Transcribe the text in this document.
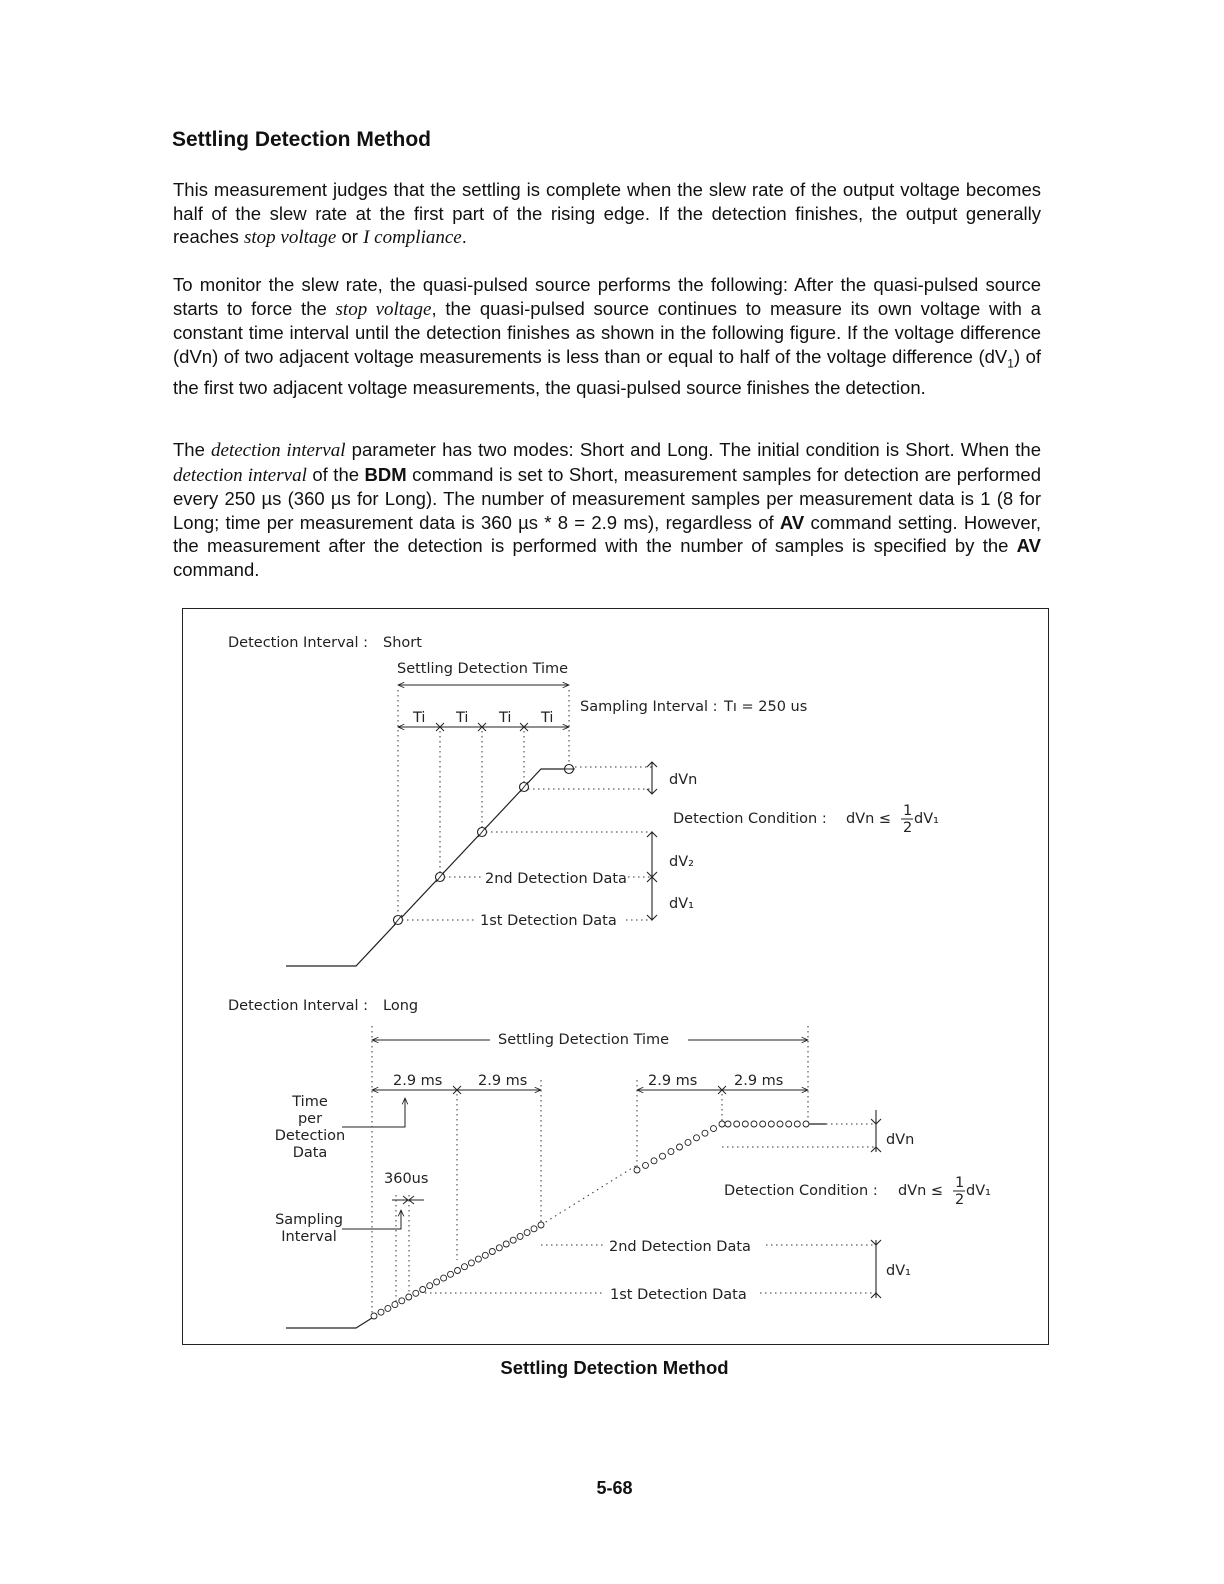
Settling Detection Method

This measurement judges that the settling is complete when the slew rate of the output voltage becomes half of the slew rate at the first part of the rising edge. If the detection finishes, the output generally reaches stop voltage or I compliance.

To monitor the slew rate, the quasi-pulsed source performs the following: After the quasi-pulsed source starts to force the stop voltage, the quasi-pulsed source continues to measure its own voltage with a constant time interval until the detection finishes as shown in the following figure. If the voltage difference (dVn) of two adjacent voltage measurements is less than or equal to half of the voltage difference $(dV_1)$ of the first two adjacent voltage measurements, the quasi-pulsed source finishes the detection.

The detection interval parameter has two modes: Short and Long. The initial condition is Short. When the detection interval of the BDM command is set to Short, measurement samples for detection are performed every 250 µs (360 µs for Long). The number of measurement samples per measurement data is 1 (8 for Long; time per measurement data is 360 µs * 8 = 2.9 ms), regardless of AV command setting. However, the measurement after the detection is performed with the number of samples is specified by the AV command.

Detection Interval : Short
Settling Detection Time
Ti Ti Ti Ti
Sampling Interval : Tı = 250 us
dVn
Detection Condition : dVn ≤ 1
2
dV₁
dV₂
dV₁
2nd Detection Data
1st Detection Data
Detection Interval : Long
Settling Detection Time
2.9 ms 2.9 ms	2.9 ms	2.9 ms
Time
per
Detection
Data
360us
Sampling
Interval
dVn
Detection Condition : dVn ≤ 1
2
dV₁
dV₁
2nd Detection Data
1st Detection Data

Settling Detection Method

5-68
